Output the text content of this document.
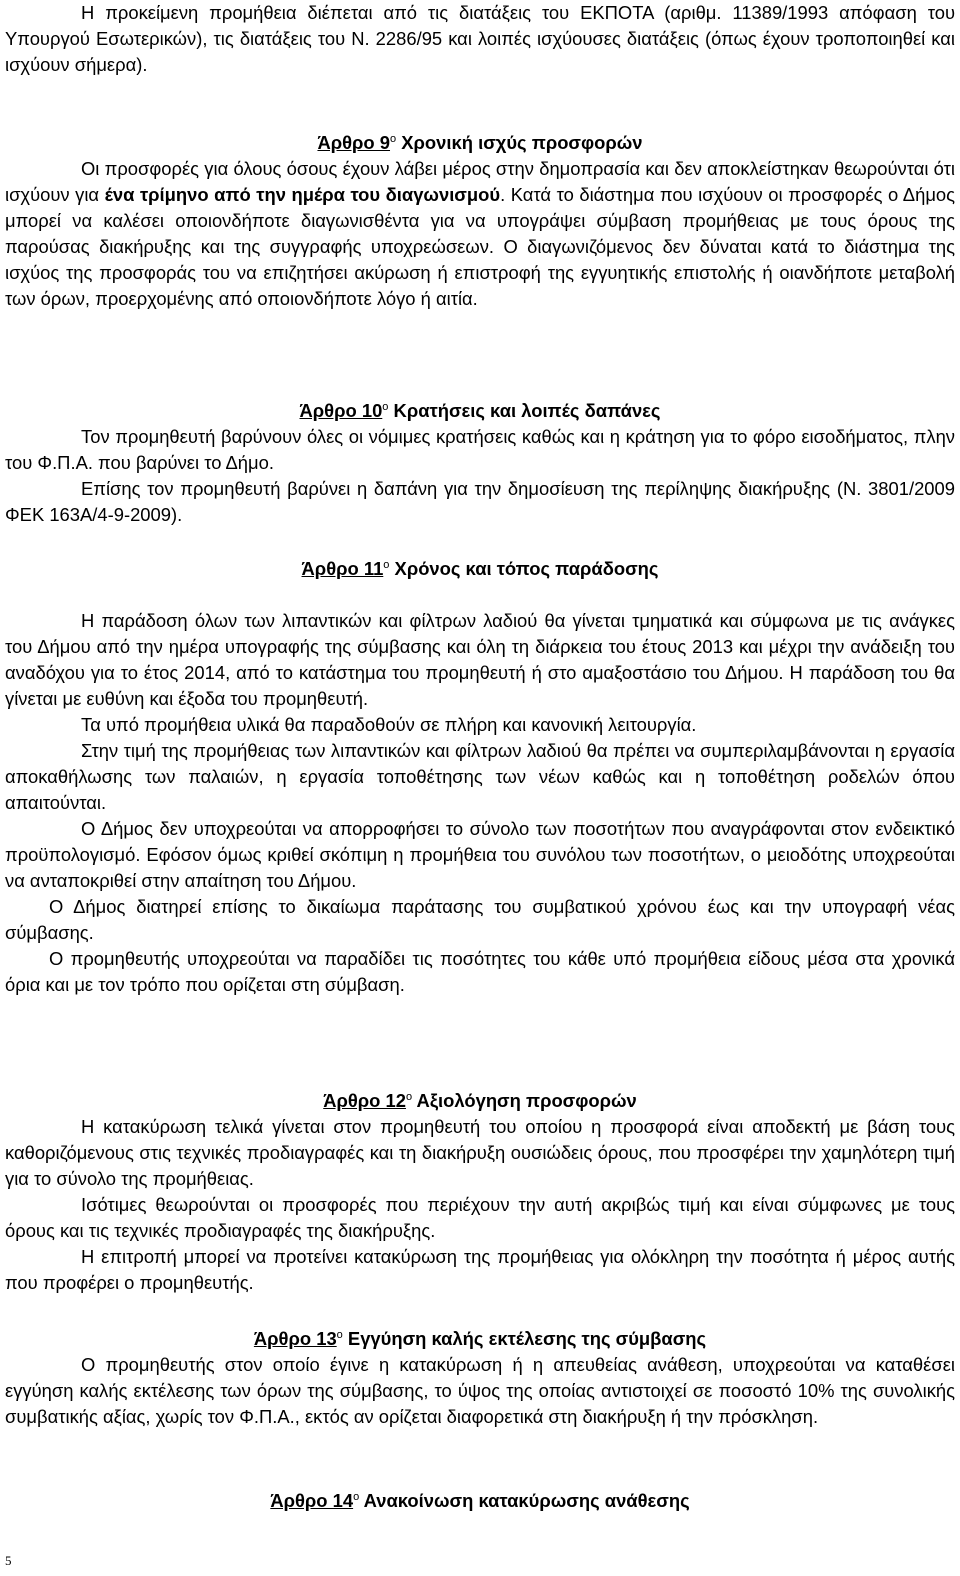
Η προκείμενη προμήθεια διέπεται από τις διατάξεις του ΕΚΠΟΤΑ (αριθμ. 11389/1993 απόφαση του Υπουργού Εσωτερικών), τις διατάξεις του Ν. 2286/95 και λοιπές ισχύουσες διατάξεις (όπως έχουν τροποποιηθεί και ισχύουν σήμερα).

Άρθρο $9^o$ Χρονική ισχύς προσφορών

Οι προσφορές για όλους όσους έχουν λάβει μέρος στην δημοπρασία και δεν αποκλείστηκαν θεωρούνται ότι ισχύουν για ένα τρίμηνο από την ημέρα του διαγωνισμού. Κατά το διάστημα που ισχύουν οι προσφορές ο Δήμος μπορεί να καλέσει οποιονδήποτε διαγωνισθέντα για να υπογράψει σύμβαση προμήθειας με τους όρους της παρούσας διακήρυξης και της συγγραφής υποχρεώσεων. Ο διαγωνιζόμενος δεν δύναται κατά το διάστημα της ισχύος της προσφοράς του να επιζητήσει ακύρωση ή επιστροφή της εγγυητικής επιστολής ή οιανδήποτε μεταβολή των όρων, προερχομένης από οποιονδήποτε λόγο ή αιτία.

Άρθρο $10^o$ Κρατήσεις και λοιπές δαπάνες

Τον προμηθευτή βαρύνουν όλες οι νόμιμες κρατήσεις καθώς και η κράτηση για το φόρο εισοδήματος, πλην του Φ.Π.Α. που βαρύνει το Δήμο.

Επίσης τον προμηθευτή βαρύνει η δαπάνη για την δημοσίευση της περίληψης διακήρυξης (Ν. 3801/2009 ΦΕΚ 163Α/4-9-2009).

Άρθρο $11^o$ Χρόνος και τόπος παράδοσης

Η παράδοση όλων των λιπαντικών και φίλτρων λαδιού θα γίνεται τμηματικά και σύμφωνα με τις ανάγκες του Δήμου από την ημέρα υπογραφής της σύμβασης και όλη τη διάρκεια του έτους 2013 και μέχρι την ανάδειξη του αναδόχου για το έτος 2014, από το κατάστημα του προμηθευτή ή στο αμαξοστάσιο του Δήμου. Η παράδοση του θα γίνεται με ευθύνη και έξοδα του προμηθευτή.

Τα υπό προμήθεια υλικά θα παραδοθούν σε πλήρη και κανονική λειτουργία.

Στην τιμή της προμήθειας των λιπαντικών και φίλτρων λαδιού θα πρέπει να συμπεριλαμβάνονται η εργασία αποκαθήλωσης των παλαιών, η εργασία τοποθέτησης των νέων καθώς και η τοποθέτηση ροδελών όπου απαιτούνται.

Ο Δήμος δεν υποχρεούται να απορροφήσει το σύνολο των ποσοτήτων που αναγράφονται στον ενδεικτικό προϋπολογισμό. Εφόσον όμως κριθεί σκόπιμη η προμήθεια του συνόλου των ποσοτήτων, ο μειοδότης υποχρεούται να ανταποκριθεί στην απαίτηση του Δήμου.

Ο Δήμος διατηρεί επίσης το δικαίωμα παράτασης του συμβατικού χρόνου έως και την υπογραφή νέας σύμβασης.

Ο προμηθευτής υποχρεούται να παραδίδει τις ποσότητες του κάθε υπό προμήθεια είδους μέσα στα χρονικά όρια και με τον τρόπο που ορίζεται στη σύμβαση.

Άρθρο $12^o$ Αξιολόγηση προσφορών

Η κατακύρωση τελικά γίνεται στον προμηθευτή του οποίου η προσφορά είναι αποδεκτή με βάση τους καθοριζόμενους στις τεχνικές προδιαγραφές και τη διακήρυξη ουσιώδεις όρους, που προσφέρει την χαμηλότερη τιμή για το σύνολο της προμήθειας.

Ισότιμες θεωρούνται οι προσφορές που περιέχουν την αυτή ακριβώς τιμή και είναι σύμφωνες με τους όρους και τις τεχνικές προδιαγραφές της διακήρυξης.

Η επιτροπή μπορεί να προτείνει κατακύρωση της προμήθειας για ολόκληρη την ποσότητα ή μέρος αυτής που προφέρει ο προμηθευτής.

Άρθρο $13^o$ Εγγύηση καλής εκτέλεσης της σύμβασης

Ο προμηθευτής στον οποίο έγινε η κατακύρωση ή η απευθείας ανάθεση, υποχρεούται να καταθέσει εγγύηση καλής εκτέλεσης των όρων της σύμβασης, το ύψος της οποίας αντιστοιχεί σε ποσοστό 10% της συνολικής συμβατικής αξίας, χωρίς τον Φ.Π.Α., εκτός αν ορίζεται διαφορετικά στη διακήρυξη ή την πρόσκληση.

Άρθρο $14^o$ Ανακοίνωση κατακύρωσης ανάθεσης
5
